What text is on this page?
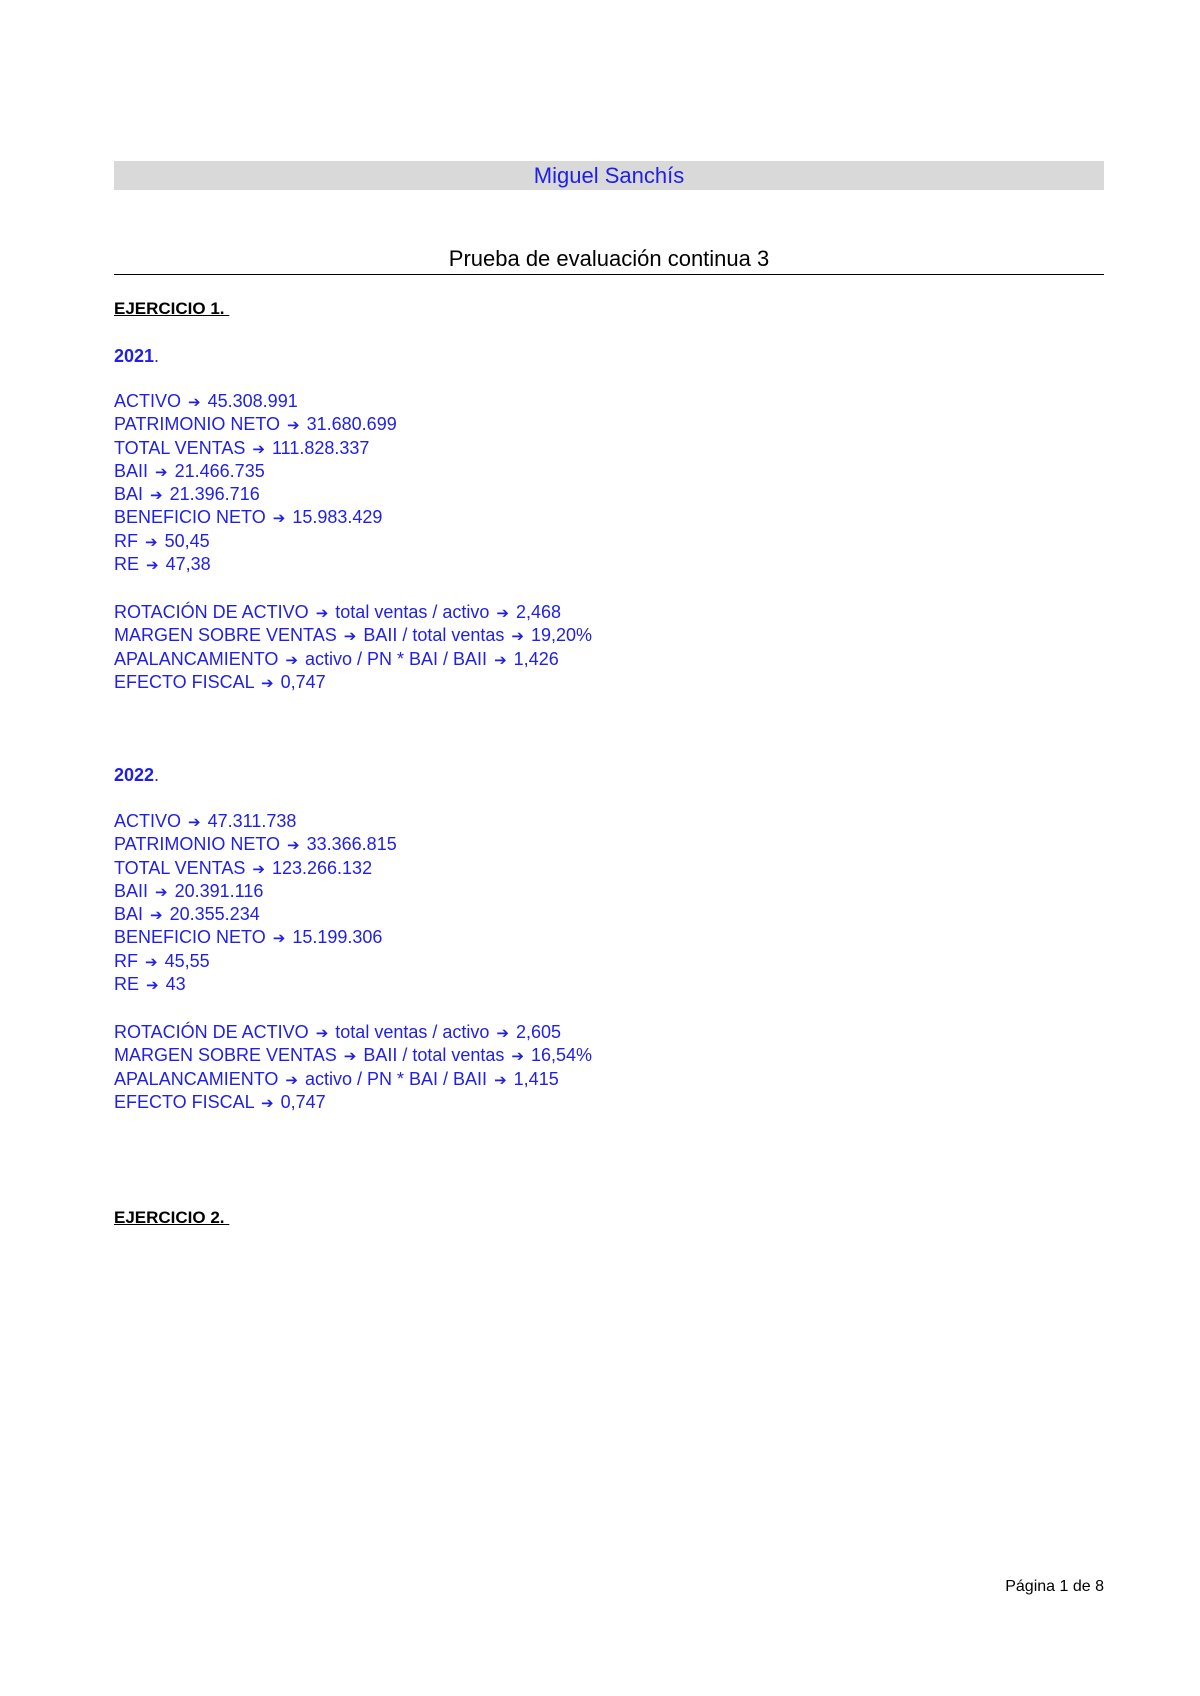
Miguel Sanchís
Prueba de evaluación continua 3
EJERCICIO 1.
2021.
ACTIVO ➔ 45.308.991
PATRIMONIO NETO ➔ 31.680.699
TOTAL VENTAS ➔ 111.828.337
BAII ➔ 21.466.735
BAI ➔ 21.396.716
BENEFICIO NETO ➔ 15.983.429
RF ➔ 50,45
RE ➔ 47,38
ROTACIÓN DE ACTIVO ➔ total ventas / activo ➔ 2,468
MARGEN SOBRE VENTAS ➔ BAII / total ventas ➔ 19,20%
APALANCAMIENTO ➔ activo / PN * BAI / BAII ➔ 1,426
EFECTO FISCAL ➔ 0,747
2022.
ACTIVO ➔ 47.311.738
PATRIMONIO NETO ➔ 33.366.815
TOTAL VENTAS ➔ 123.266.132
BAII ➔ 20.391.116
BAI ➔ 20.355.234
BENEFICIO NETO ➔ 15.199.306
RF ➔ 45,55
RE ➔ 43
ROTACIÓN DE ACTIVO ➔ total ventas / activo ➔ 2,605
MARGEN SOBRE VENTAS ➔ BAII / total ventas ➔ 16,54%
APALANCAMIENTO ➔ activo / PN * BAI / BAII ➔ 1,415
EFECTO FISCAL ➔ 0,747
EJERCICIO 2.
Página 1 de 8
